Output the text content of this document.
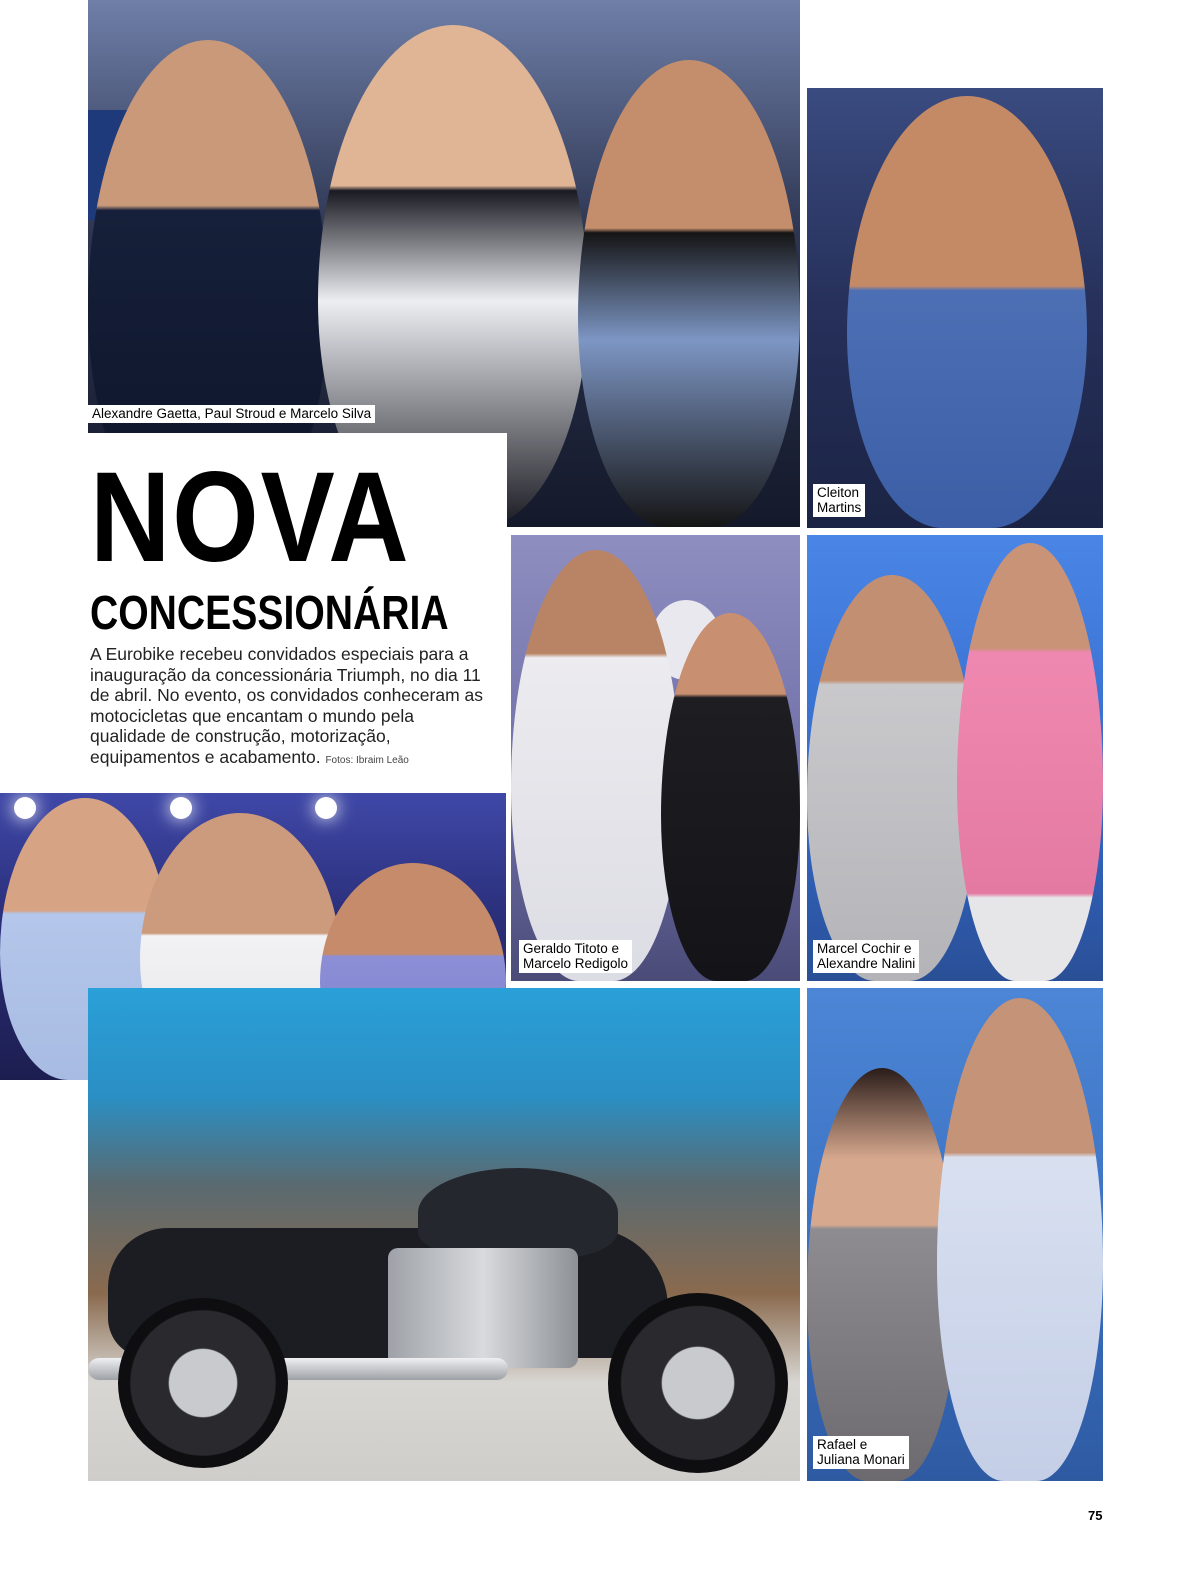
Alexandre Gaetta, Paul Stroud e Marcelo Silva
Cleiton
Martins
Geraldo Titoto e
Marcelo Redigolo
Marcel Cochir e
Alexandre Nalini
Rafael e
Juliana Monari
NOVA
CONCESSIONÁRIA
A Eurobike recebeu convidados especiais para a inauguração da concessionária Triumph, no dia 11 de abril. No evento, os convidados conheceram as motocicletas que encantam o mundo pela qualidade de construção, motorização, equipamentos e acabamento. Fotos: Ibraim Leão
75
